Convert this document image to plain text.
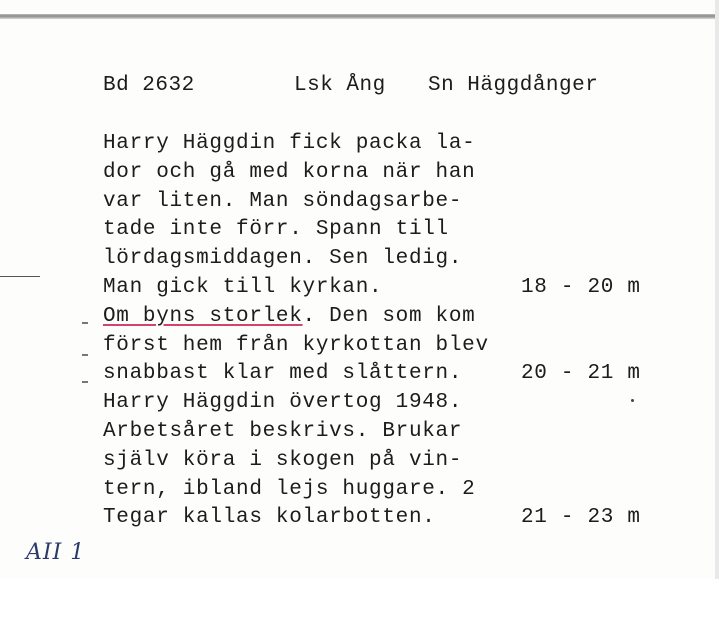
Bd 2632

	Lsk Ång

Sn Häggdånger

Harry Häggdin fick packa la-

dor och gå med korna när han

var liten. Man söndagsarbe-

tade inte förr. Spann till

lördagsmiddagen. Sen ledig.

Man gick till kyrkan.

	18 - 20 m

Om byns storlek. Den som kom

först hem från kyrkottan blev

snabbast klar med slåttern.

	20 - 21 m

Harry Häggdin övertog 1948.

Arbetsåret beskrivs. Brukar

själv köra i skogen på vin-

tern, ibland lejs huggare. 2

Tegar kallas kolarbotten.

	21 - 23 m

AII 1
